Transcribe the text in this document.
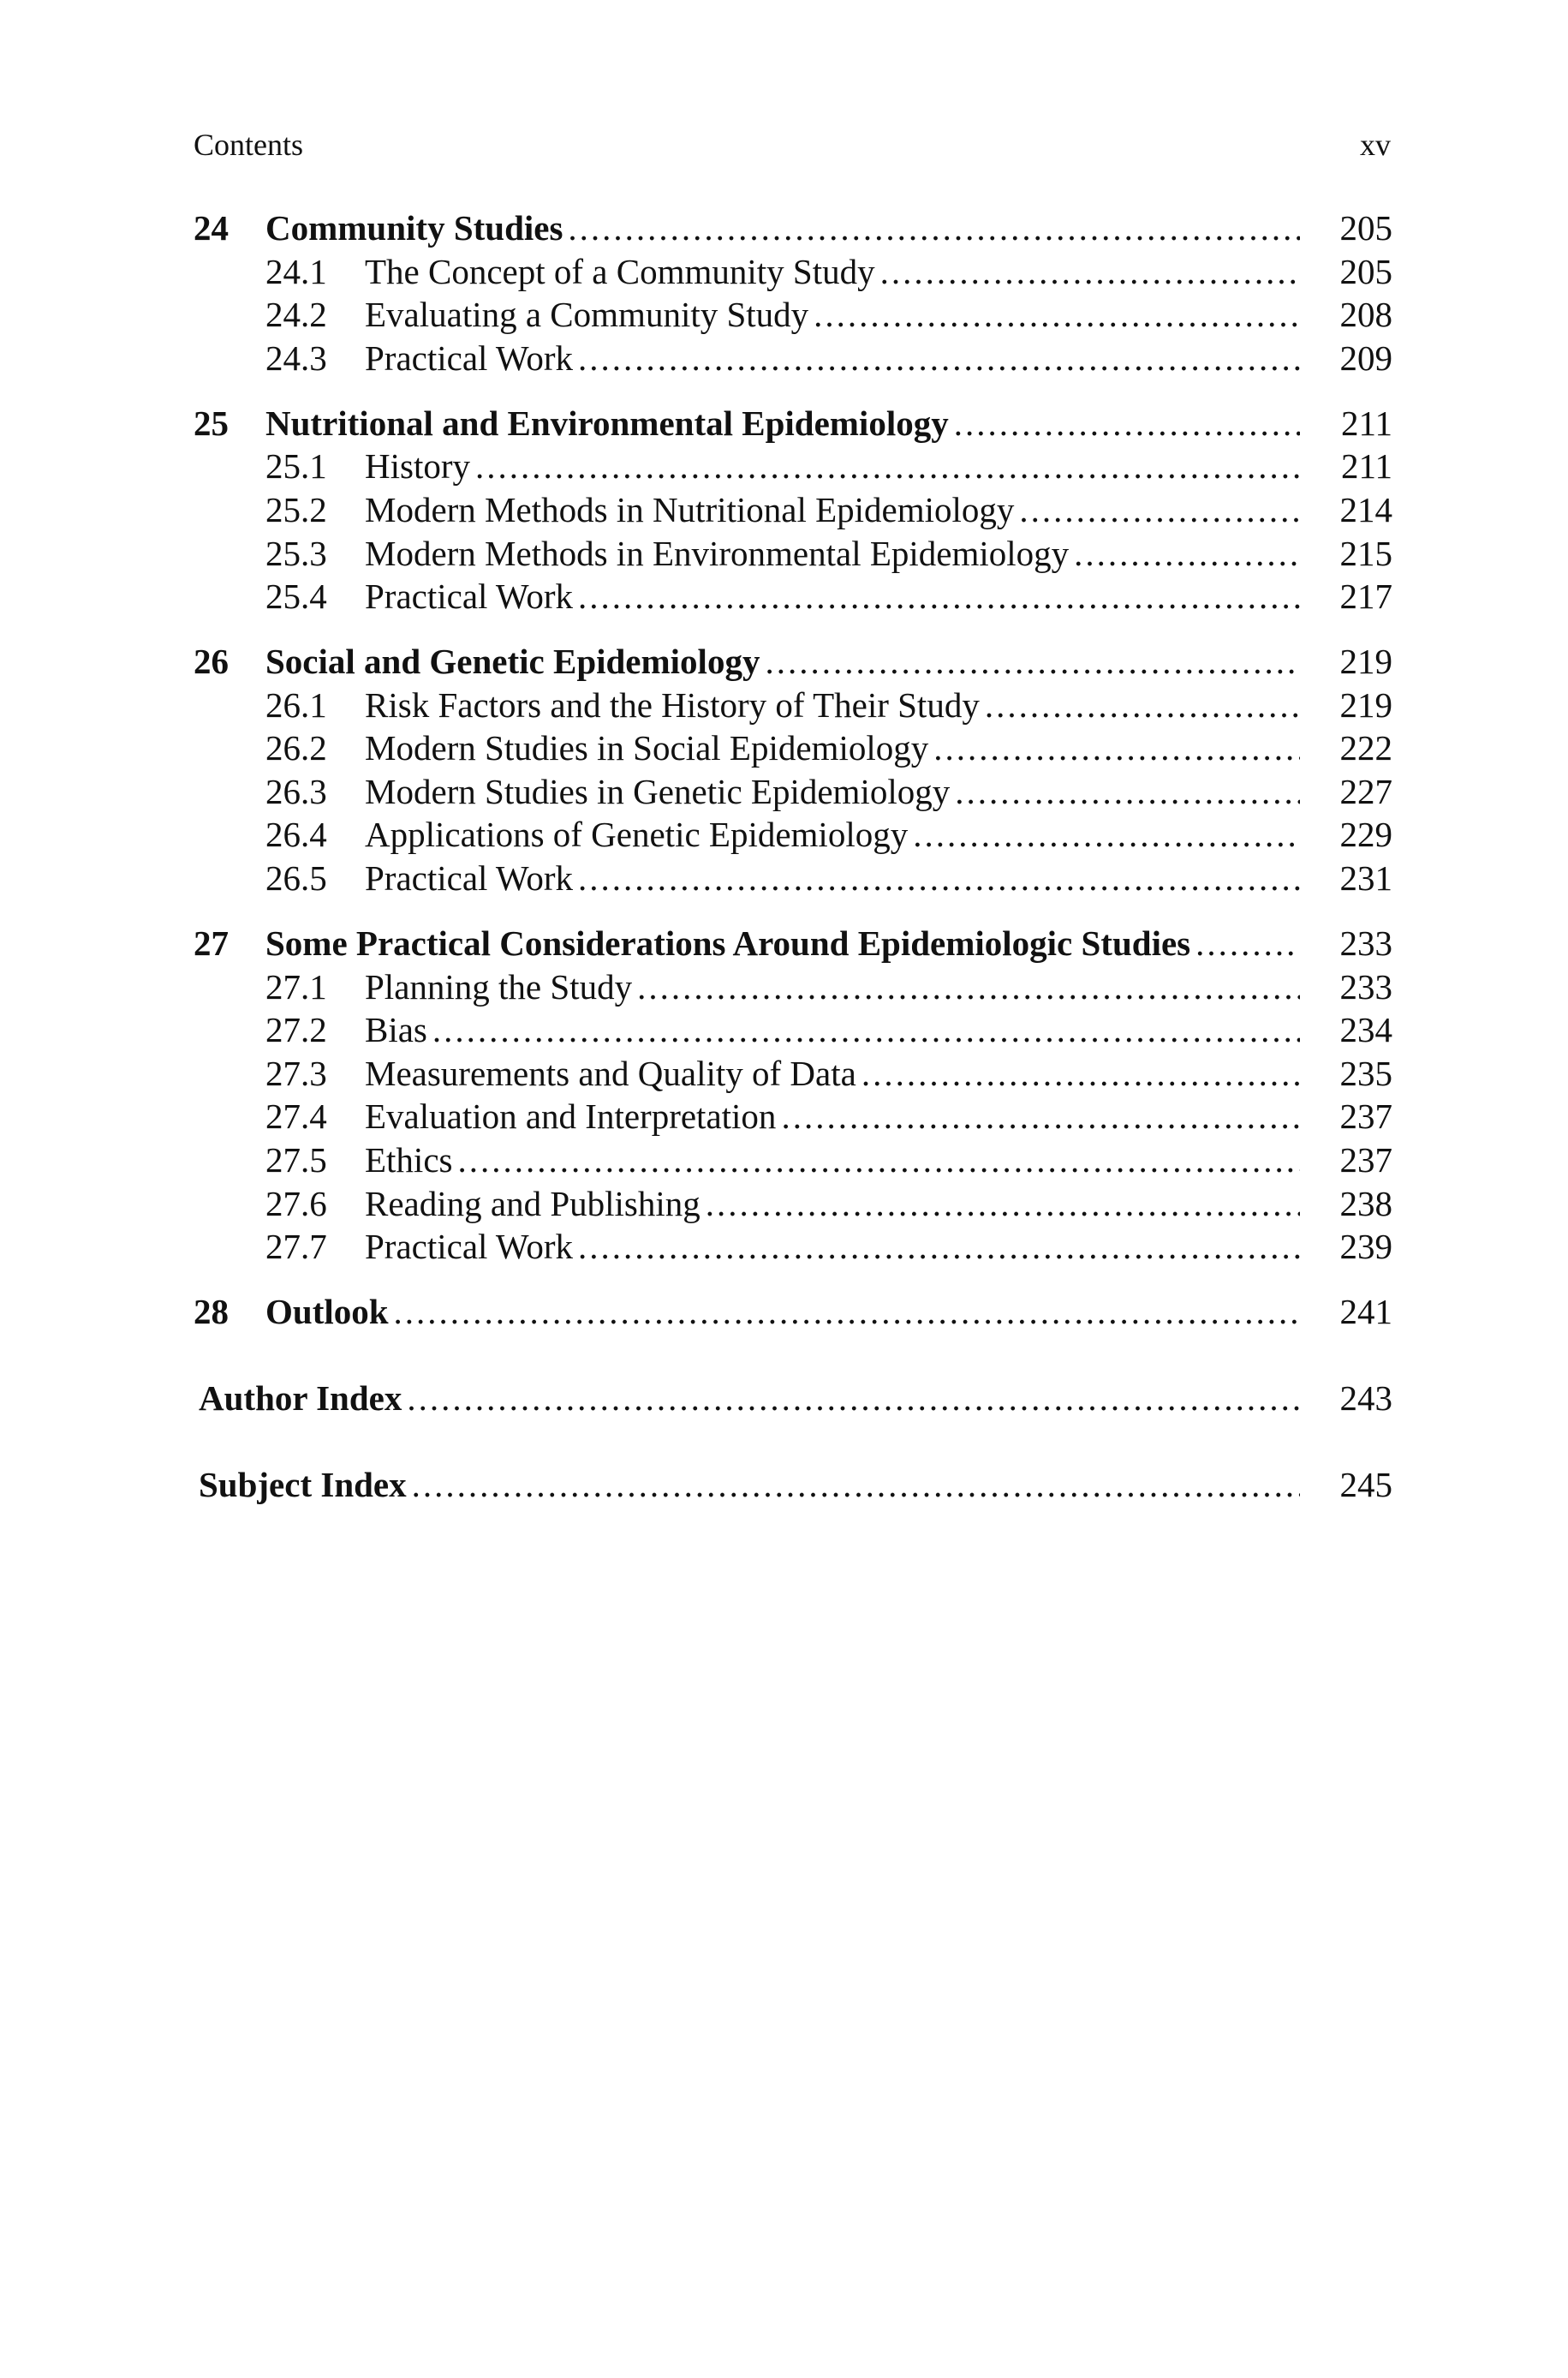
Contents	xv
24 Community Studies .....	205
24.1 The Concept of a Community Study .....	205
24.2 Evaluating a Community Study .....	208
24.3 Practical Work .....	209
25 Nutritional and Environmental Epidemiology .....	211
25.1 History .....	211
25.2 Modern Methods in Nutritional Epidemiology .....	214
25.3 Modern Methods in Environmental Epidemiology .....	215
25.4 Practical Work .....	217
26 Social and Genetic Epidemiology .....	219
26.1 Risk Factors and the History of Their Study .....	219
26.2 Modern Studies in Social Epidemiology .....	222
26.3 Modern Studies in Genetic Epidemiology .....	227
26.4 Applications of Genetic Epidemiology .....	229
26.5 Practical Work .....	231
27 Some Practical Considerations Around Epidemiologic Studies .....	233
27.1 Planning the Study .....	233
27.2 Bias .....	234
27.3 Measurements and Quality of Data .....	235
27.4 Evaluation and Interpretation .....	237
27.5 Ethics .....	237
27.6 Reading and Publishing .....	238
27.7 Practical Work .....	239
28 Outlook .....	241
Author Index .....	243
Subject Index .....	245
